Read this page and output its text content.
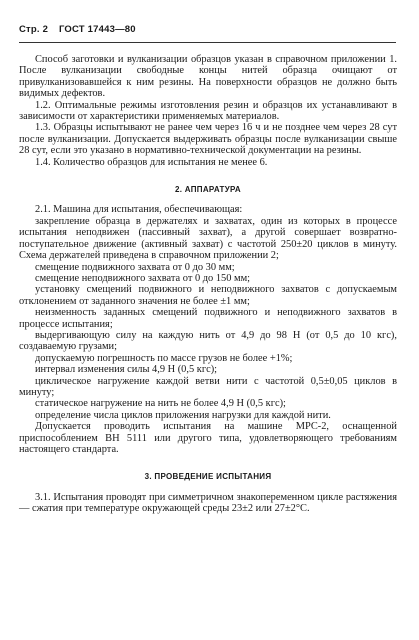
Стр. 2 ГОСТ 17443—80

Способ заготовки и вулканизации образцов указан в справочном приложении 1. После вулканизации свободные концы нитей образца очищают от привулканизовавшейся к ним резины. На поверхности образцов не должно быть видимых дефектов.

1.2. Оптимальные режимы изготовления резин и образцов их устанавливают в зависимости от характеристики применяемых материалов.

1.3. Образцы испытывают не ранее чем через 16 ч и не позднее чем через 28 сут после вулканизации. Допускается выдерживать образцы после вулканизации свыше 28 сут, если это указано в нормативно-технической документации на резины.

1.4. Количество образцов для испытания не менее 6.

2. АППАРАТУРА

2.1. Машина для испытания, обеспечивающая:

закрепление образца в держателях и захватах, один из которых в процессе испытания неподвижен (пассивный захват), а другой совершает возвратно-поступательное движение (активный захват) с частотой 250±20 циклов в минуту. Схема держателей приведена в справочном приложении 2;

смещение подвижного захвата от 0 до 30 мм;

смещение неподвижного захвата от 0 до 150 мм;

установку смещений подвижного и неподвижного захватов с допускаемым отклонением от заданного значения не более ±1 мм;

неизменность заданных смещений подвижного и неподвижного захватов в процессе испытания;

выдергивающую силу на каждую нить от 4,9 до 98 Н (от 0,5 до 10 кгс), создаваемую грузами;

допускаемую погрешность по массе грузов не более +1%;

интервал изменения силы 4,9 Н (0,5 кгс);

циклическое нагружение каждой ветви нити с частотой 0,5±0,05 циклов в минуту;

статическое нагружение на нить не более 4,9 Н (0,5 кгс);

определение числа циклов приложения нагрузки для каждой нити.

Допускается проводить испытания на машине МРС-2, оснащенной приспособлением ВН 5111 или другого типа, удовлетворяющего требованиям настоящего стандарта.

3. ПРОВЕДЕНИЕ ИСПЫТАНИЯ

3.1. Испытания проводят при симметричном знакопеременном цикле растяжения — сжатия при температуре окружающей среды 23±2 или 27±2°С.
